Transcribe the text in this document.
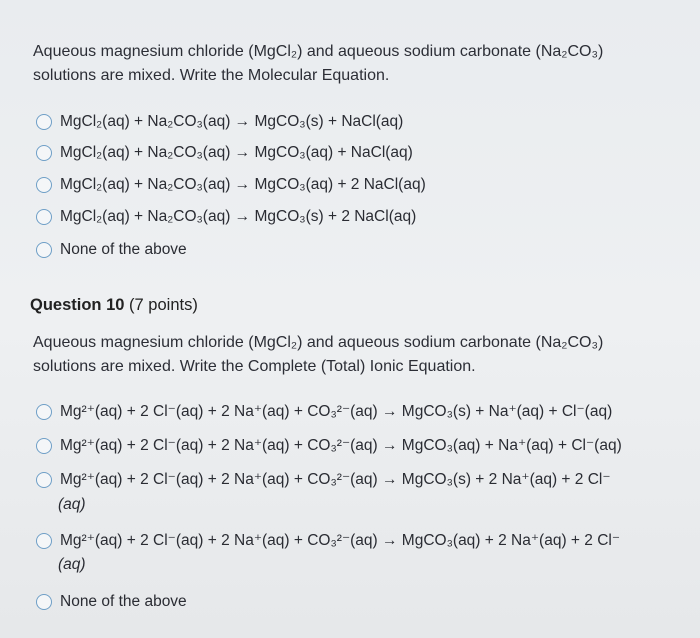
Aqueous magnesium chloride (MgCl₂) and aqueous sodium carbonate (Na₂CO₃)
solutions are mixed. Write the Molecular Equation.
MgCl₂(aq) + Na₂CO₃(aq) → MgCO₃(s) + NaCl(aq)
MgCl₂(aq) + Na₂CO₃(aq) → MgCO₃(aq) + NaCl(aq)
MgCl₂(aq) + Na₂CO₃(aq) → MgCO₃(aq) + 2 NaCl(aq)
MgCl₂(aq) + Na₂CO₃(aq) → MgCO₃(s) + 2 NaCl(aq)
None of the above
Question 10 (7 points)
Aqueous magnesium chloride (MgCl₂) and aqueous sodium carbonate (Na₂CO₃)
solutions are mixed. Write the Complete (Total) Ionic Equation.
Mg²⁺(aq) + 2 Cl⁻(aq) + 2 Na⁺(aq) + CO₃²⁻(aq) → MgCO₃(s) + Na⁺(aq) + Cl⁻(aq)
Mg²⁺(aq) + 2 Cl⁻(aq) + 2 Na⁺(aq) + CO₃²⁻(aq) → MgCO₃(aq) + Na⁺(aq) + Cl⁻(aq)
Mg²⁺(aq) + 2 Cl⁻(aq) + 2 Na⁺(aq) + CO₃²⁻(aq) → MgCO₃(s) + 2 Na⁺(aq) + 2 Cl⁻
(aq)
Mg²⁺(aq) + 2 Cl⁻(aq) + 2 Na⁺(aq) + CO₃²⁻(aq) → MgCO₃(aq) + 2 Na⁺(aq) + 2 Cl⁻
(aq)
None of the above
